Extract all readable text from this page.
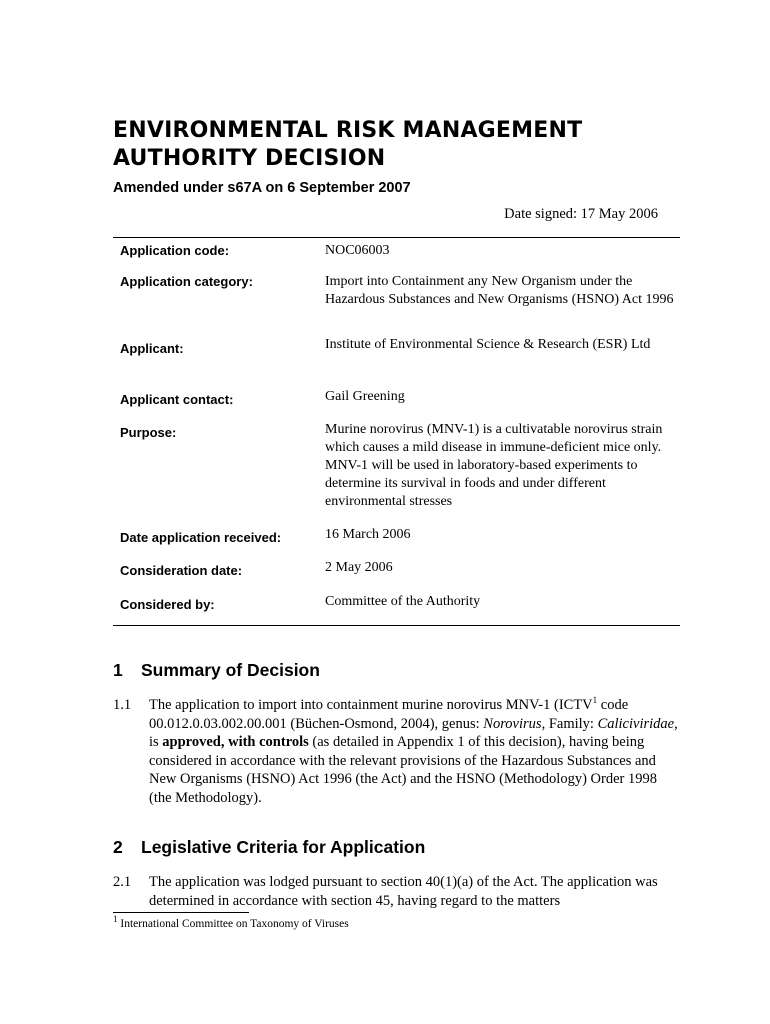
ENVIRONMENTAL RISK MANAGEMENT
AUTHORITY DECISION
Amended under s67A on 6 September 2007
Date signed: 17 May 2006
Application code:	NOC06003
Application category:	Import into Containment any New Organism under the Hazardous Substances and New Organisms (HSNO) Act 1996
Applicant:	Institute of Environmental Science & Research (ESR) Ltd
Applicant contact:	Gail Greening
Purpose:	Murine norovirus (MNV-1) is a cultivatable norovirus strain which causes a mild disease in immune-deficient mice only. MNV-1 will be used in laboratory-based experiments to determine its survival in foods and under different environmental stresses
Date application received:	16 March 2006
Consideration date:	2 May 2006
Considered by:	Committee of the Authority
1 Summary of Decision
1.1 The application to import into containment murine norovirus MNV-1 (ICTV$^1$ code 00.012.0.03.002.00.001 (Büchen-Osmond, 2004), genus: Norovirus, Family: Caliciviridae, is approved, with controls (as detailed in Appendix 1 of this decision), having being considered in accordance with the relevant provisions of the Hazardous Substances and New Organisms (HSNO) Act 1996 (the Act) and the HSNO (Methodology) Order 1998 (the Methodology).
2 Legislative Criteria for Application
2.1 The application was lodged pursuant to section 40(1)(a) of the Act. The application was determined in accordance with section 45, having regard to the matters
$^1$ International Committee on Taxonomy of Viruses
